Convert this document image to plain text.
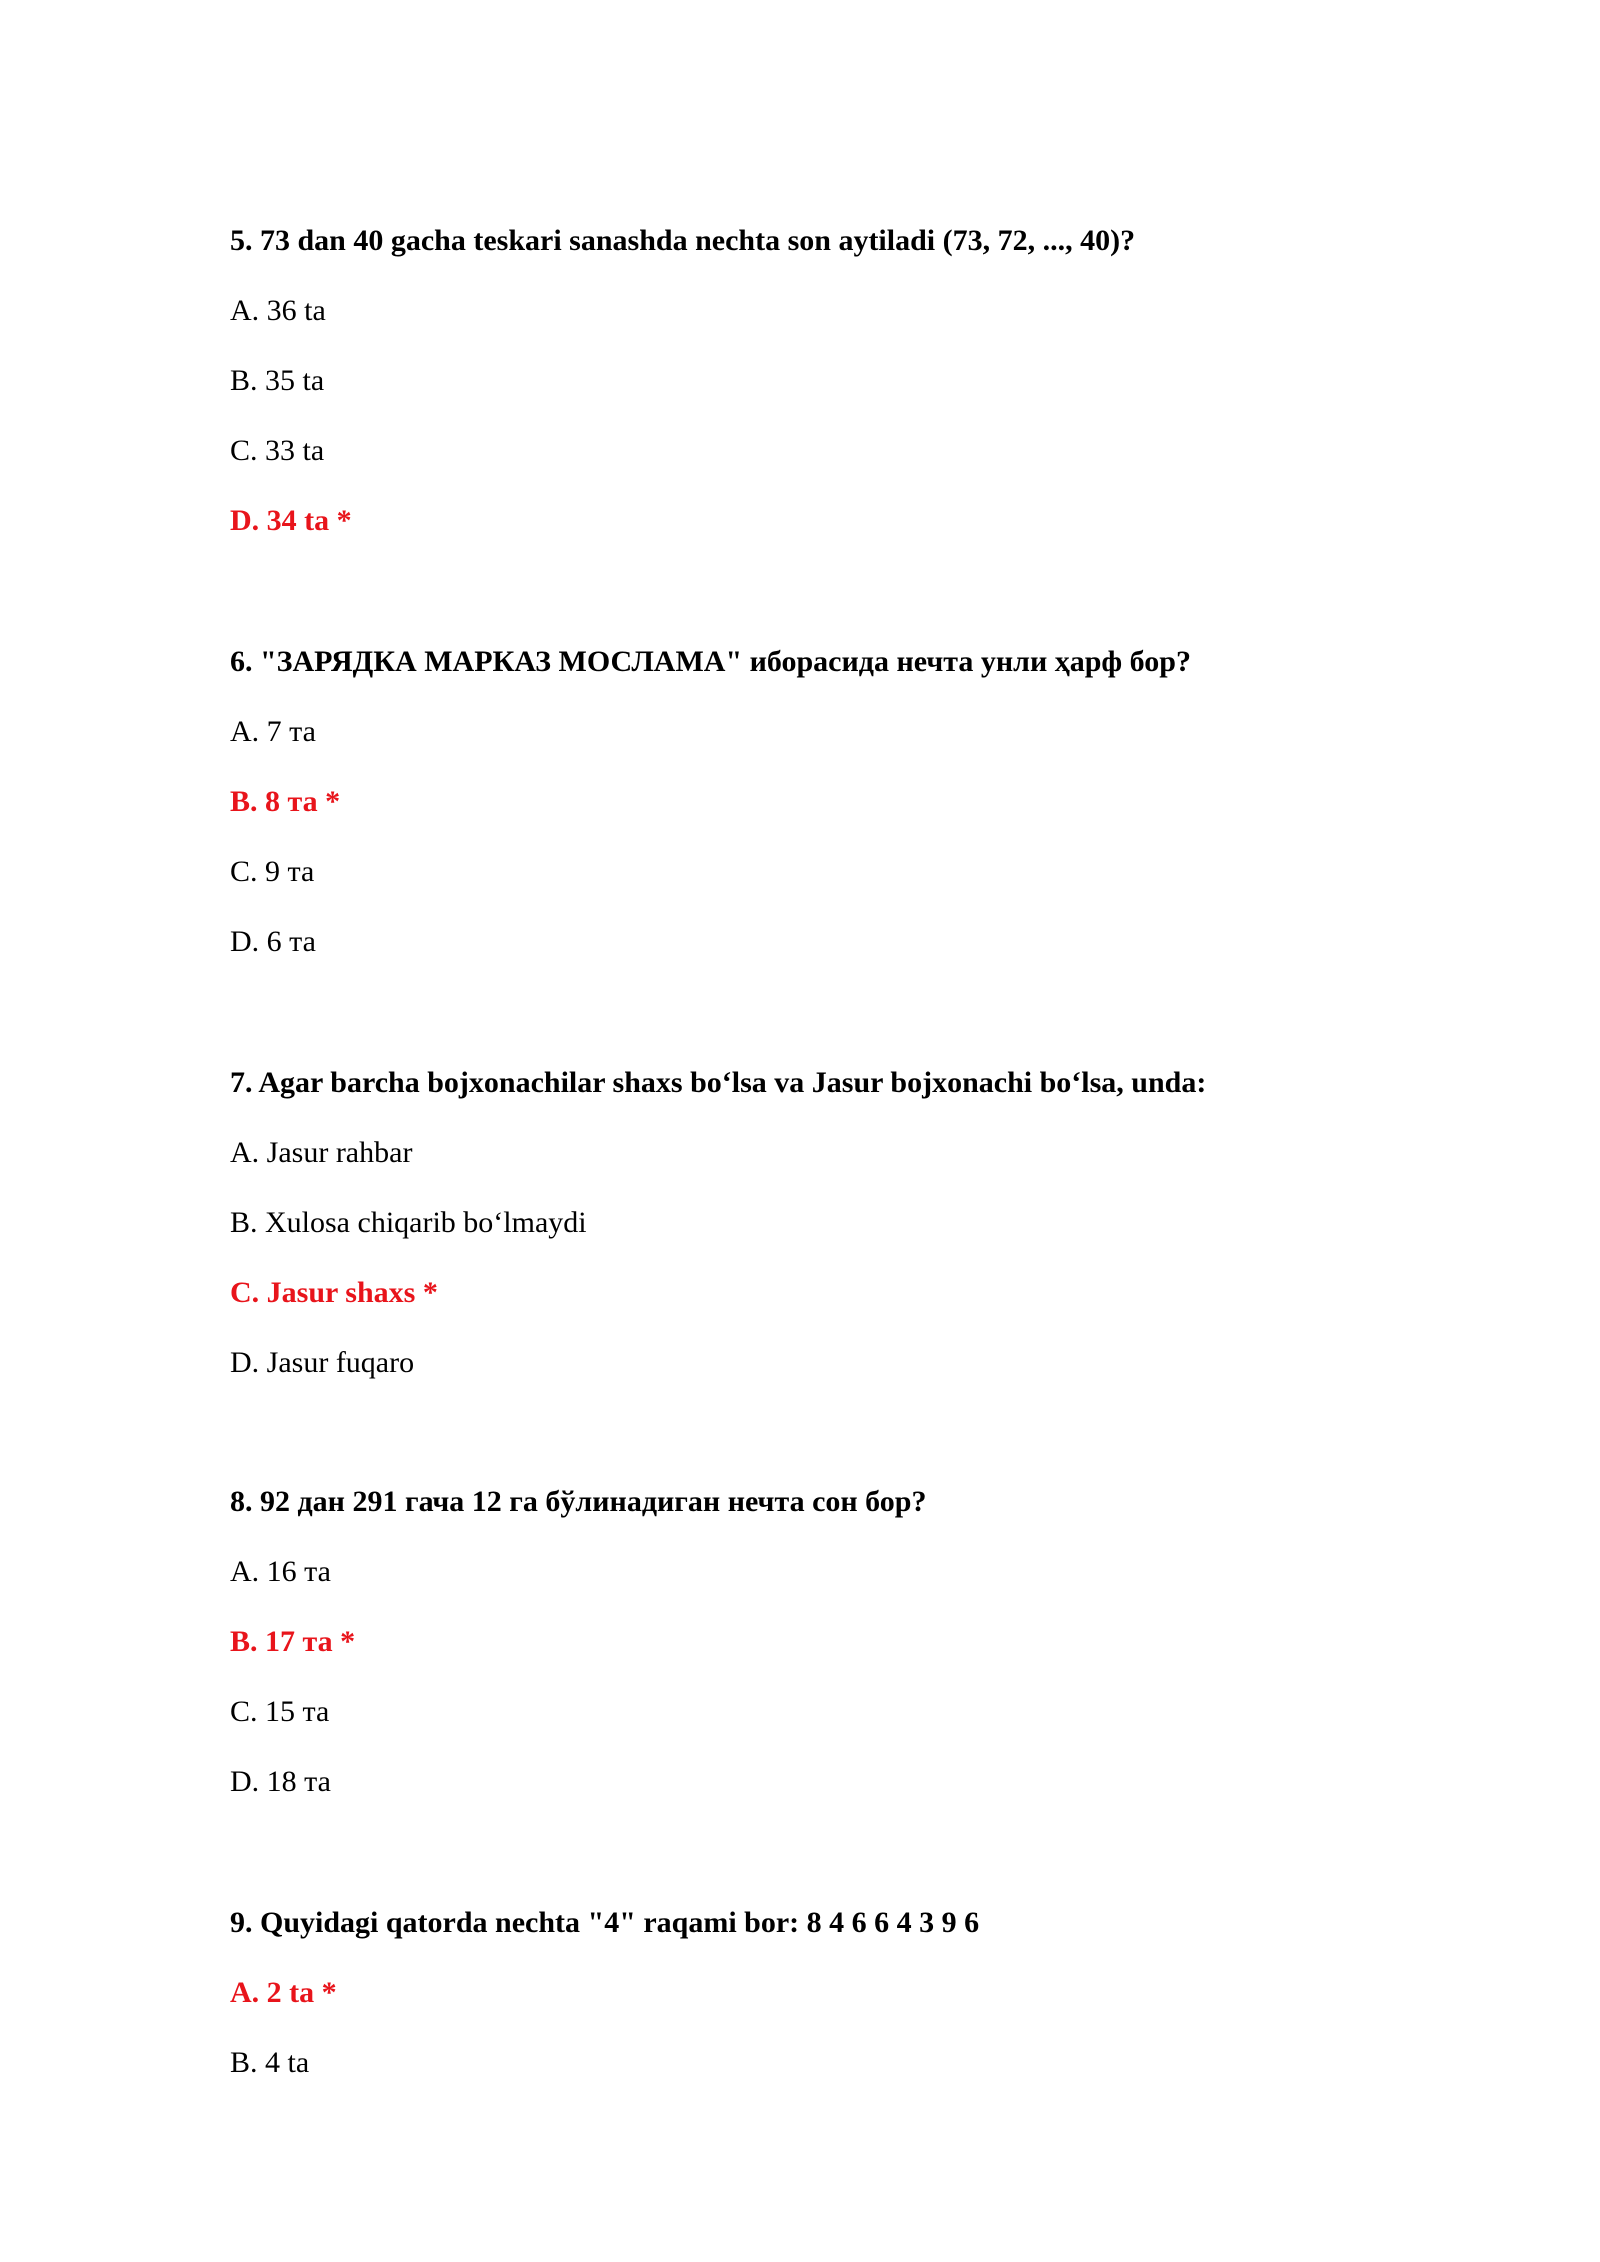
5. 73 dan 40 gacha teskari sanashda nechta son aytiladi (73, 72, ..., 40)?
A. 36 ta
B. 35 ta
C. 33 ta
D. 34 ta *
6. "ЗАРЯДКА МАРКАЗ МОСЛАМА" иборасида нечта унли ҳарф бор?
A. 7 та
B. 8 та *
C. 9 та
D. 6 та
7. Agar barcha bojxonachilar shaxs bo‘lsa va Jasur bojxonachi bo‘lsa, unda:
A. Jasur rahbar
B. Xulosa chiqarib bo‘lmaydi
C. Jasur shaxs *
D. Jasur fuqaro
8. 92 дан 291 гача 12 га бўлинадиган нечта сон бор?
A. 16 та
B. 17 та *
C. 15 та
D. 18 та
9. Quyidagi qatorda nechta "4" raqami bor: 8 4 6 6 4 3 9 6
A. 2 ta *
B. 4 ta
